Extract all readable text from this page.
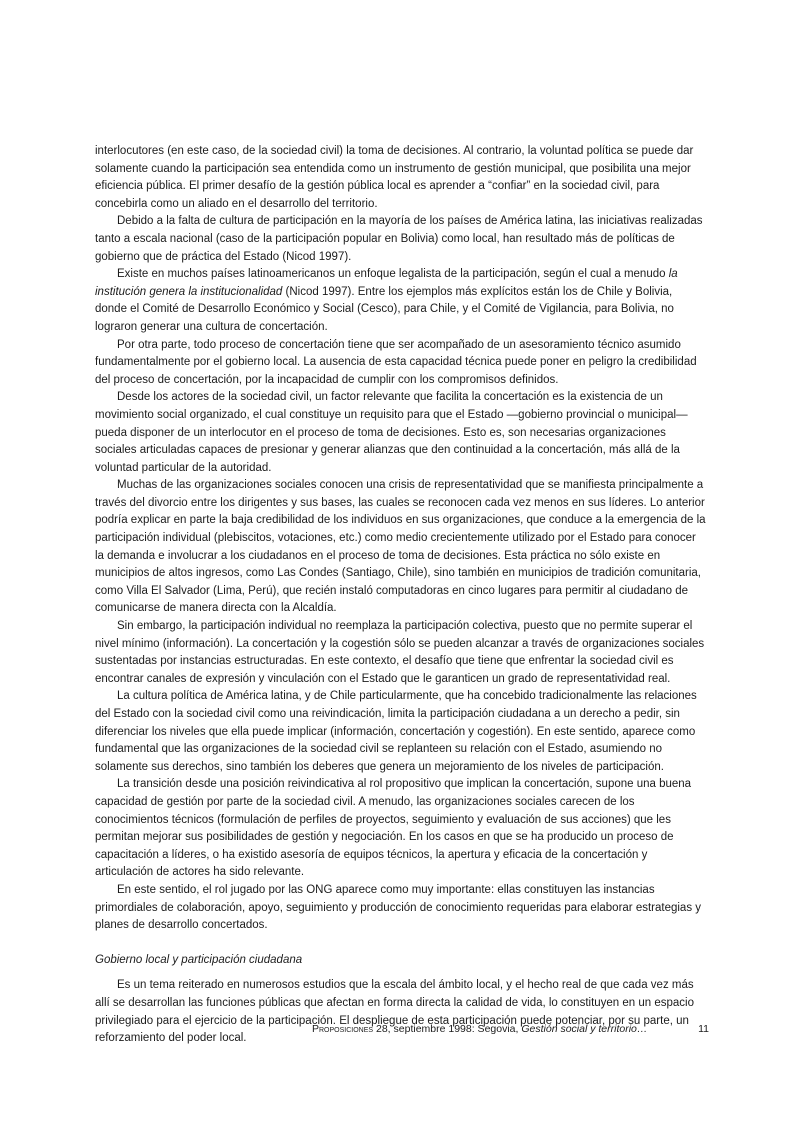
interlocutores (en este caso, de la sociedad civil) la toma de decisiones. Al contrario, la voluntad política se puede dar solamente cuando la participación sea entendida como un instrumento de gestión municipal, que posibilita una mejor eficiencia pública. El primer desafío de la gestión pública local es aprender a “confiar” en la sociedad civil, para concebirla como un aliado en el desarrollo del territorio.

Debido a la falta de cultura de participación en la mayoría de los países de América latina, las iniciativas realizadas tanto a escala nacional (caso de la participación popular en Bolivia) como local, han resultado más de políticas de gobierno que de práctica del Estado (Nicod 1997).

Existe en muchos países latinoamericanos un enfoque legalista de la participación, según el cual a menudo la institución genera la institucionalidad (Nicod 1997). Entre los ejemplos más explícitos están los de Chile y Bolivia, donde el Comité de Desarrollo Económico y Social (Cesco), para Chile, y el Comité de Vigilancia, para Bolivia, no lograron generar una cultura de concertación.

Por otra parte, todo proceso de concertación tiene que ser acompañado de un asesoramiento técnico asumido fundamentalmente por el gobierno local. La ausencia de esta capacidad técnica puede poner en peligro la credibilidad del proceso de concertación, por la incapacidad de cumplir con los compromisos definidos.

Desde los actores de la sociedad civil, un factor relevante que facilita la concertación es la existencia de un movimiento social organizado, el cual constituye un requisito para que el Estado —gobierno provincial o municipal—pueda disponer de un interlocutor en el proceso de toma de decisiones. Esto es, son necesarias organizaciones sociales articuladas capaces de presionar y generar alianzas que den continuidad a la concertación, más allá de la voluntad particular de la autoridad.

Muchas de las organizaciones sociales conocen una crisis de representatividad que se manifiesta principalmente a través del divorcio entre los dirigentes y sus bases, las cuales se reconocen cada vez menos en sus líderes. Lo anterior podría explicar en parte la baja credibilidad de los individuos en sus organizaciones, que conduce a la emergencia de la participación individual (plebiscitos, votaciones, etc.) como medio crecientemente utilizado por el Estado para conocer la demanda e involucrar a los ciudadanos en el proceso de toma de decisiones. Esta práctica no sólo existe en municipios de altos ingresos, como Las Condes (Santiago, Chile), sino también en municipios de tradición comunitaria, como Villa El Salvador (Lima, Perú), que recién instaló computadoras en cinco lugares para permitir al ciudadano de comunicarse de manera directa con la Alcaldía.

Sin embargo, la participación individual no reemplaza la participación colectiva, puesto que no permite superar el nivel mínimo (información). La concertación y la cogestión sólo se pueden alcanzar a través de organizaciones sociales sustentadas por instancias estructuradas. En este contexto, el desafío que tiene que enfrentar la sociedad civil es encontrar canales de expresión y vinculación con el Estado que le garanticen un grado de representatividad real.

La cultura política de América latina, y de Chile particularmente, que ha concebido tradicionalmente las relaciones del Estado con la sociedad civil como una reivindicación, limita la participación ciudadana a un derecho a pedir, sin diferenciar los niveles que ella puede implicar (información, concertación y cogestión). En este sentido, aparece como fundamental que las organizaciones de la sociedad civil se replanteen su relación con el Estado, asumiendo no solamente sus derechos, sino también los deberes que genera un mejoramiento de los niveles de participación.

La transición desde una posición reivindicativa al rol propositivo que implican la concertación, supone una buena capacidad de gestión por parte de la sociedad civil. A menudo, las organizaciones sociales carecen de los conocimientos técnicos (formulación de perfiles de proyectos, seguimiento y evaluación de sus acciones) que les permitan mejorar sus posibilidades de gestión y negociación. En los casos en que se ha producido un proceso de capacitación a líderes, o ha existido asesoría de equipos técnicos, la apertura y eficacia de la concertación y articulación de actores ha sido relevante.

En este sentido, el rol jugado por las ONG aparece como muy importante: ellas constituyen las instancias primordiales de colaboración, apoyo, seguimiento y producción de conocimiento requeridas para elaborar estrategias y planes de desarrollo concertados.

Gobierno local y participación ciudadana

Es un tema reiterado en numerosos estudios que la escala del ámbito local, y el hecho real de que cada vez más allí se desarrollan las funciones públicas que afectan en forma directa la calidad de vida, lo constituyen en un espacio privilegiado para el ejercicio de la participación. El despliegue de esta participación puede potenciar, por su parte, un reforzamiento del poder local.

Proposiciones 28, septiembre 1998: Segovia, Gestión social y territorio…	11
